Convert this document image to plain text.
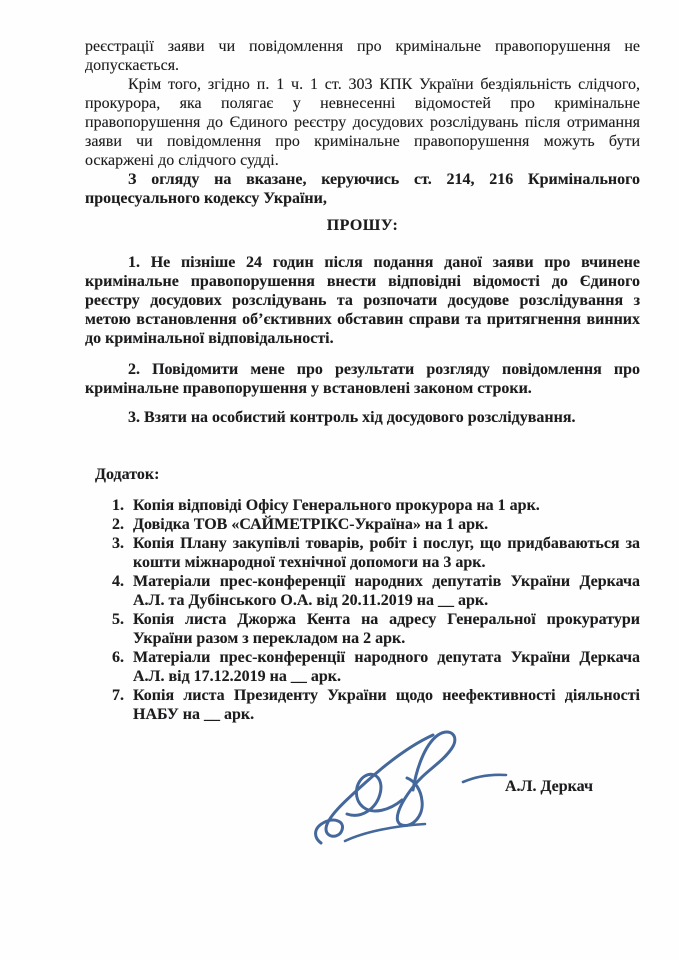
реєстрації заяви чи повідомлення про кримінальне правопорушення не допускається.

Крім того, згідно п. 1 ч. 1 ст. 303 КПК України бездіяльність слідчого, прокурора, яка полягає у невнесенні відомостей про кримінальне правопорушення до Єдиного реєстру досудових розслідувань після отримання заяви чи повідомлення про кримінальне правопорушення можуть бути оскаржені до слідчого судді.

З огляду на вказане, керуючись ст. 214, 216 Кримінального процесуального кодексу України,

ПРОШУ:

1. Не пізніше 24 годин після подання даної заяви про вчинене кримінальне правопорушення внести відповідні відомості до Єдиного реєстру досудових розслідувань та розпочати досудове розслідування з метою встановлення об’єктивних обставин справи та притягнення винних до кримінальної відповідальності.

2. Повідомити мене про результати розгляду повідомлення про кримінальне правопорушення у встановлені законом строки.

3. Взяти на особистий контроль хід досудового розслідування.

Додаток:

1. Копія відповіді Офісу Генерального прокурора на 1 арк.
2. Довідка ТОВ «САЙМЕТРІКС-Україна» на 1 арк.
3. Копія Плану закупівлі товарів, робіт і послуг, що придбаваються за кошти міжнародної технічної допомоги на 3 арк.
4. Матеріали прес-конференції народних депутатів України Деркача А.Л. та Дубінського О.А. від 20.11.2019 на __ арк.
5. Копія листа Джоржа Кента на адресу Генеральної прокуратури України разом з перекладом на 2 арк.
6. Матеріали прес-конференції народного депутата України Деркача А.Л. від 17.12.2019 на __ арк.
7. Копія листа Президенту України щодо неефективності діяльності НАБУ на __ арк.
А.Л. Деркач
